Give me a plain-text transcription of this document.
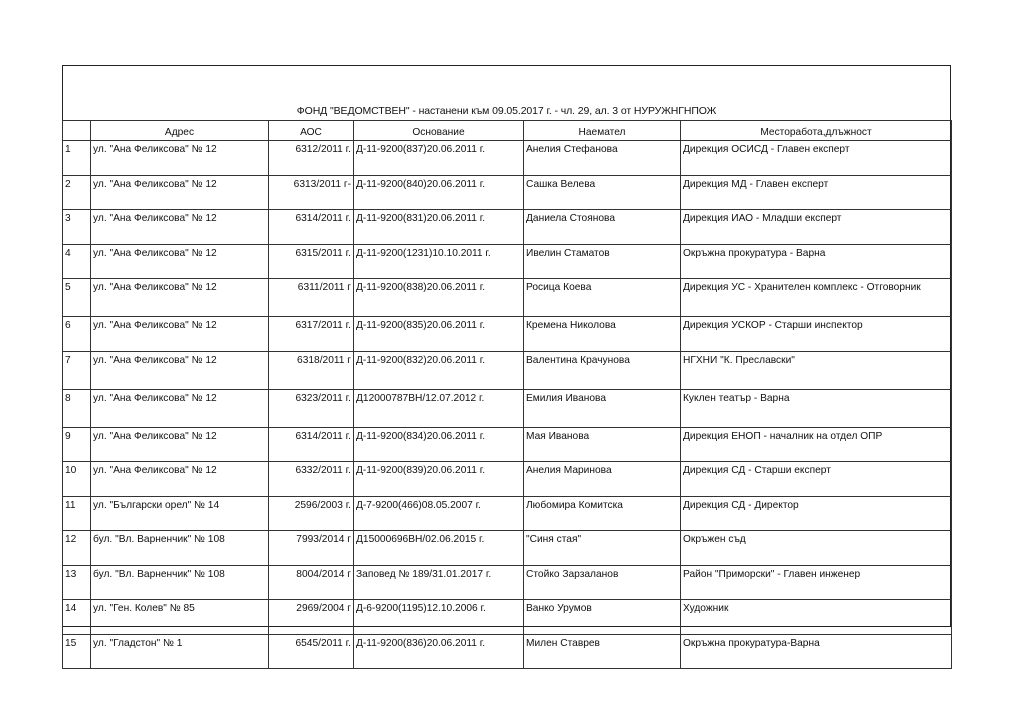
ФОНД "ВЕДОМСТВЕН" - настанени към 09.05.2017 г. - чл. 29, ал. 3 от НУРУЖНГНПОЖ
	Адрес	АОС	Основание	Наемател	Месторабота,длъжност
1	ул. "Ана Феликсова" № 12	6312/2011 г.	Д-11-9200(837)20.06.2011 г.	Анелия Стефанова	Дирекция ОСИСД - Главен експерт
2	ул. "Ана Феликсова" № 12	6313/2011 г-	Д-11-9200(840)20.06.2011 г.	Сашка Велева	Дирекция МД - Главен експерт
3	ул. "Ана Феликсова" № 12	6314/2011 г.	Д-11-9200(831)20.06.2011 г.	Даниела Стоянова	Дирекция ИАО - Младши експерт
4	ул. "Ана Феликсова" № 12	6315/2011 г.	Д-11-9200(1231)10.10.2011 г.	Ивелин Стаматов	Окръжна прокуратура - Варна
5	ул. "Ана Феликсова" № 12	6311/2011 г	Д-11-9200(838)20.06.2011 г.	Росица Коева	Дирекция УС - Хранителен комплекс - Отговорник
6	ул. "Ана Феликсова" № 12	6317/2011 г.	Д-11-9200(835)20.06.2011 г.	Кремена Николова	Дирекция УСКОР - Старши инспектор
7	ул. "Ана Феликсова" № 12	6318/2011 г	Д-11-9200(832)20.06.2011 г.	Валентина Крачунова	НГХНИ "К. Преславски"
8	ул. "Ана Феликсова" № 12	6323/2011 г.	Д12000787ВН/12.07.2012 г.	Емилия Иванова	Куклен театър - Варна
9	ул. "Ана Феликсова" № 12	6314/2011 г.	Д-11-9200(834)20.06.2011 г.	Мая Иванова	Дирекция ЕНОП - началник на отдел ОПР
10	ул. "Ана Феликсова" № 12	6332/2011 г.	Д-11-9200(839)20.06.2011 г.	Анелия Маринова	Дирекция СД - Старши експерт
11	ул. "Български орел" № 14	2596/2003 г.	Д-7-9200(466)08.05.2007 г.	Любомира Комитска	Дирекция СД - Директор
12	бул. "Вл. Варненчик" № 108	7993/2014 г	Д15000696ВН/02.06.2015 г.	"Синя стая"	Окръжен съд
13	бул. "Вл. Варненчик" № 108	8004/2014 г	Заповед № 189/31.01.2017 г.	Стойко Зарзаланов	Район "Приморски" - Главен инженер
14	ул. "Ген. Колев" № 85	2969/2004 г	Д-6-9200(1195)12.10.2006 г.	Ванко Урумов	Художник
15	ул. "Гладстон" № 1	6545/2011 г.	Д-11-9200(836)20.06.2011 г.	Милен Ставрев	Окръжна прокуратура-Варна
